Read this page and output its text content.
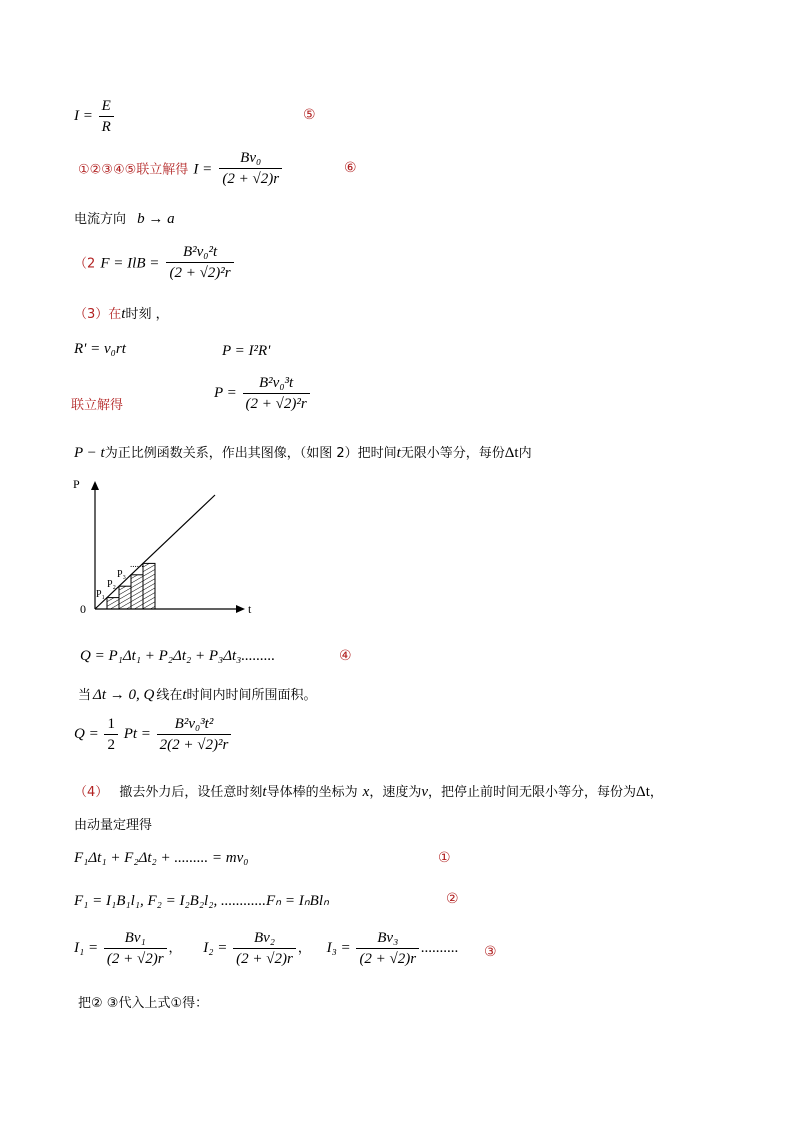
$I = \frac{E}{R}$	⑤
①②③④⑤联立解得 $I = \frac{\text{Bv₀}}{(2 + √2)r}$	⑥
电流方向 b → a
（2 F = IlB = $\frac{\text{B²v₀²t}}{\text{(2 + √2)²r}}$
（3）在t时刻 ，
R' = v₀rt	P = I²R'
联立解得
$P = \frac{\text{B²v₀³t}}{\text{(2 + √2)²r}}$
P − t为正比例函数关系，作出其图像，（如图 2）把时间t无限小等分，每份Δt内
P
t
0
P₁
P₂
P₃
......
Q = P₁Δt₁ + P₂Δt₂ + P₃Δt₃.........	④
当 Δt → 0, Q 线在t时间内时间所围面积。
$Q = \frac{1}{2}$ $Pt = \frac{\text{B²v₀³t²}}{\text{2(2 + √2)²r}}$
（4） 撤去外力后，设任意时刻t导体棒的坐标为 x，速度为v，把停止前时间无限小等分，每份为Δt，
由动量定理得
F₁Δt₁ + F₂Δt₂ + ......... = mv₀	①
F₁ = I₁B₁l₁, F₂ = I₂B₂l₂, ............Fₙ = IₙBlₙ	②
$I_1 = \frac{\text{Bv₁}}{(2 + √2)r}$ ， $I_2 = \frac{\text{Bv₂}}{(2 + √2)r}$ ， $I_3 = \frac{\text{Bv₃}}{(2 + √2)r}$ .......... ③
把② ③代入上式①得：
